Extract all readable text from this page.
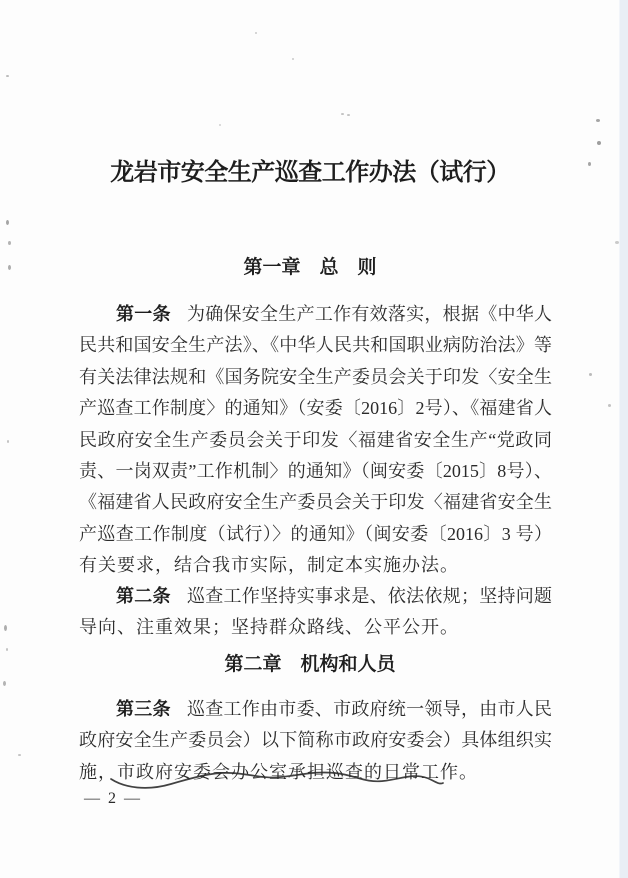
龙岩市安全生产巡查工作办法（试行）
第一章　总　则
第一条 为确保安全生产工作有效落实，根据《中华人
民共和国安全生产法》、《中华人民共和国职业病防治法》等
有关法律法规和《国务院安全生产委员会关于印发〈安全生
产巡查工作制度〉的通知》（安委〔2016〕2号）、《福建省人
民政府安全生产委员会关于印发〈福建省安全生产“党政同
责、一岗双责”工作机制〉的通知》（闽安委〔2015〕8号）、
《福建省人民政府安全生产委员会关于印发〈福建省安全生
产巡查工作制度（试行）〉的通知》（闽安委〔2016〕3 号）
有关要求，结合我市实际，制定本实施办法。
第二条 巡查工作坚持实事求是、依法依规；坚持问题
导向、注重效果；坚持群众路线、公平公开。
第二章　机构和人员
第三条 巡查工作由市委、市政府统一领导，由市人民
政府安全生产委员会）以下简称市政府安委会）具体组织实
施，市政府安委会办公室承担巡查的日常工作。
— 2 —
